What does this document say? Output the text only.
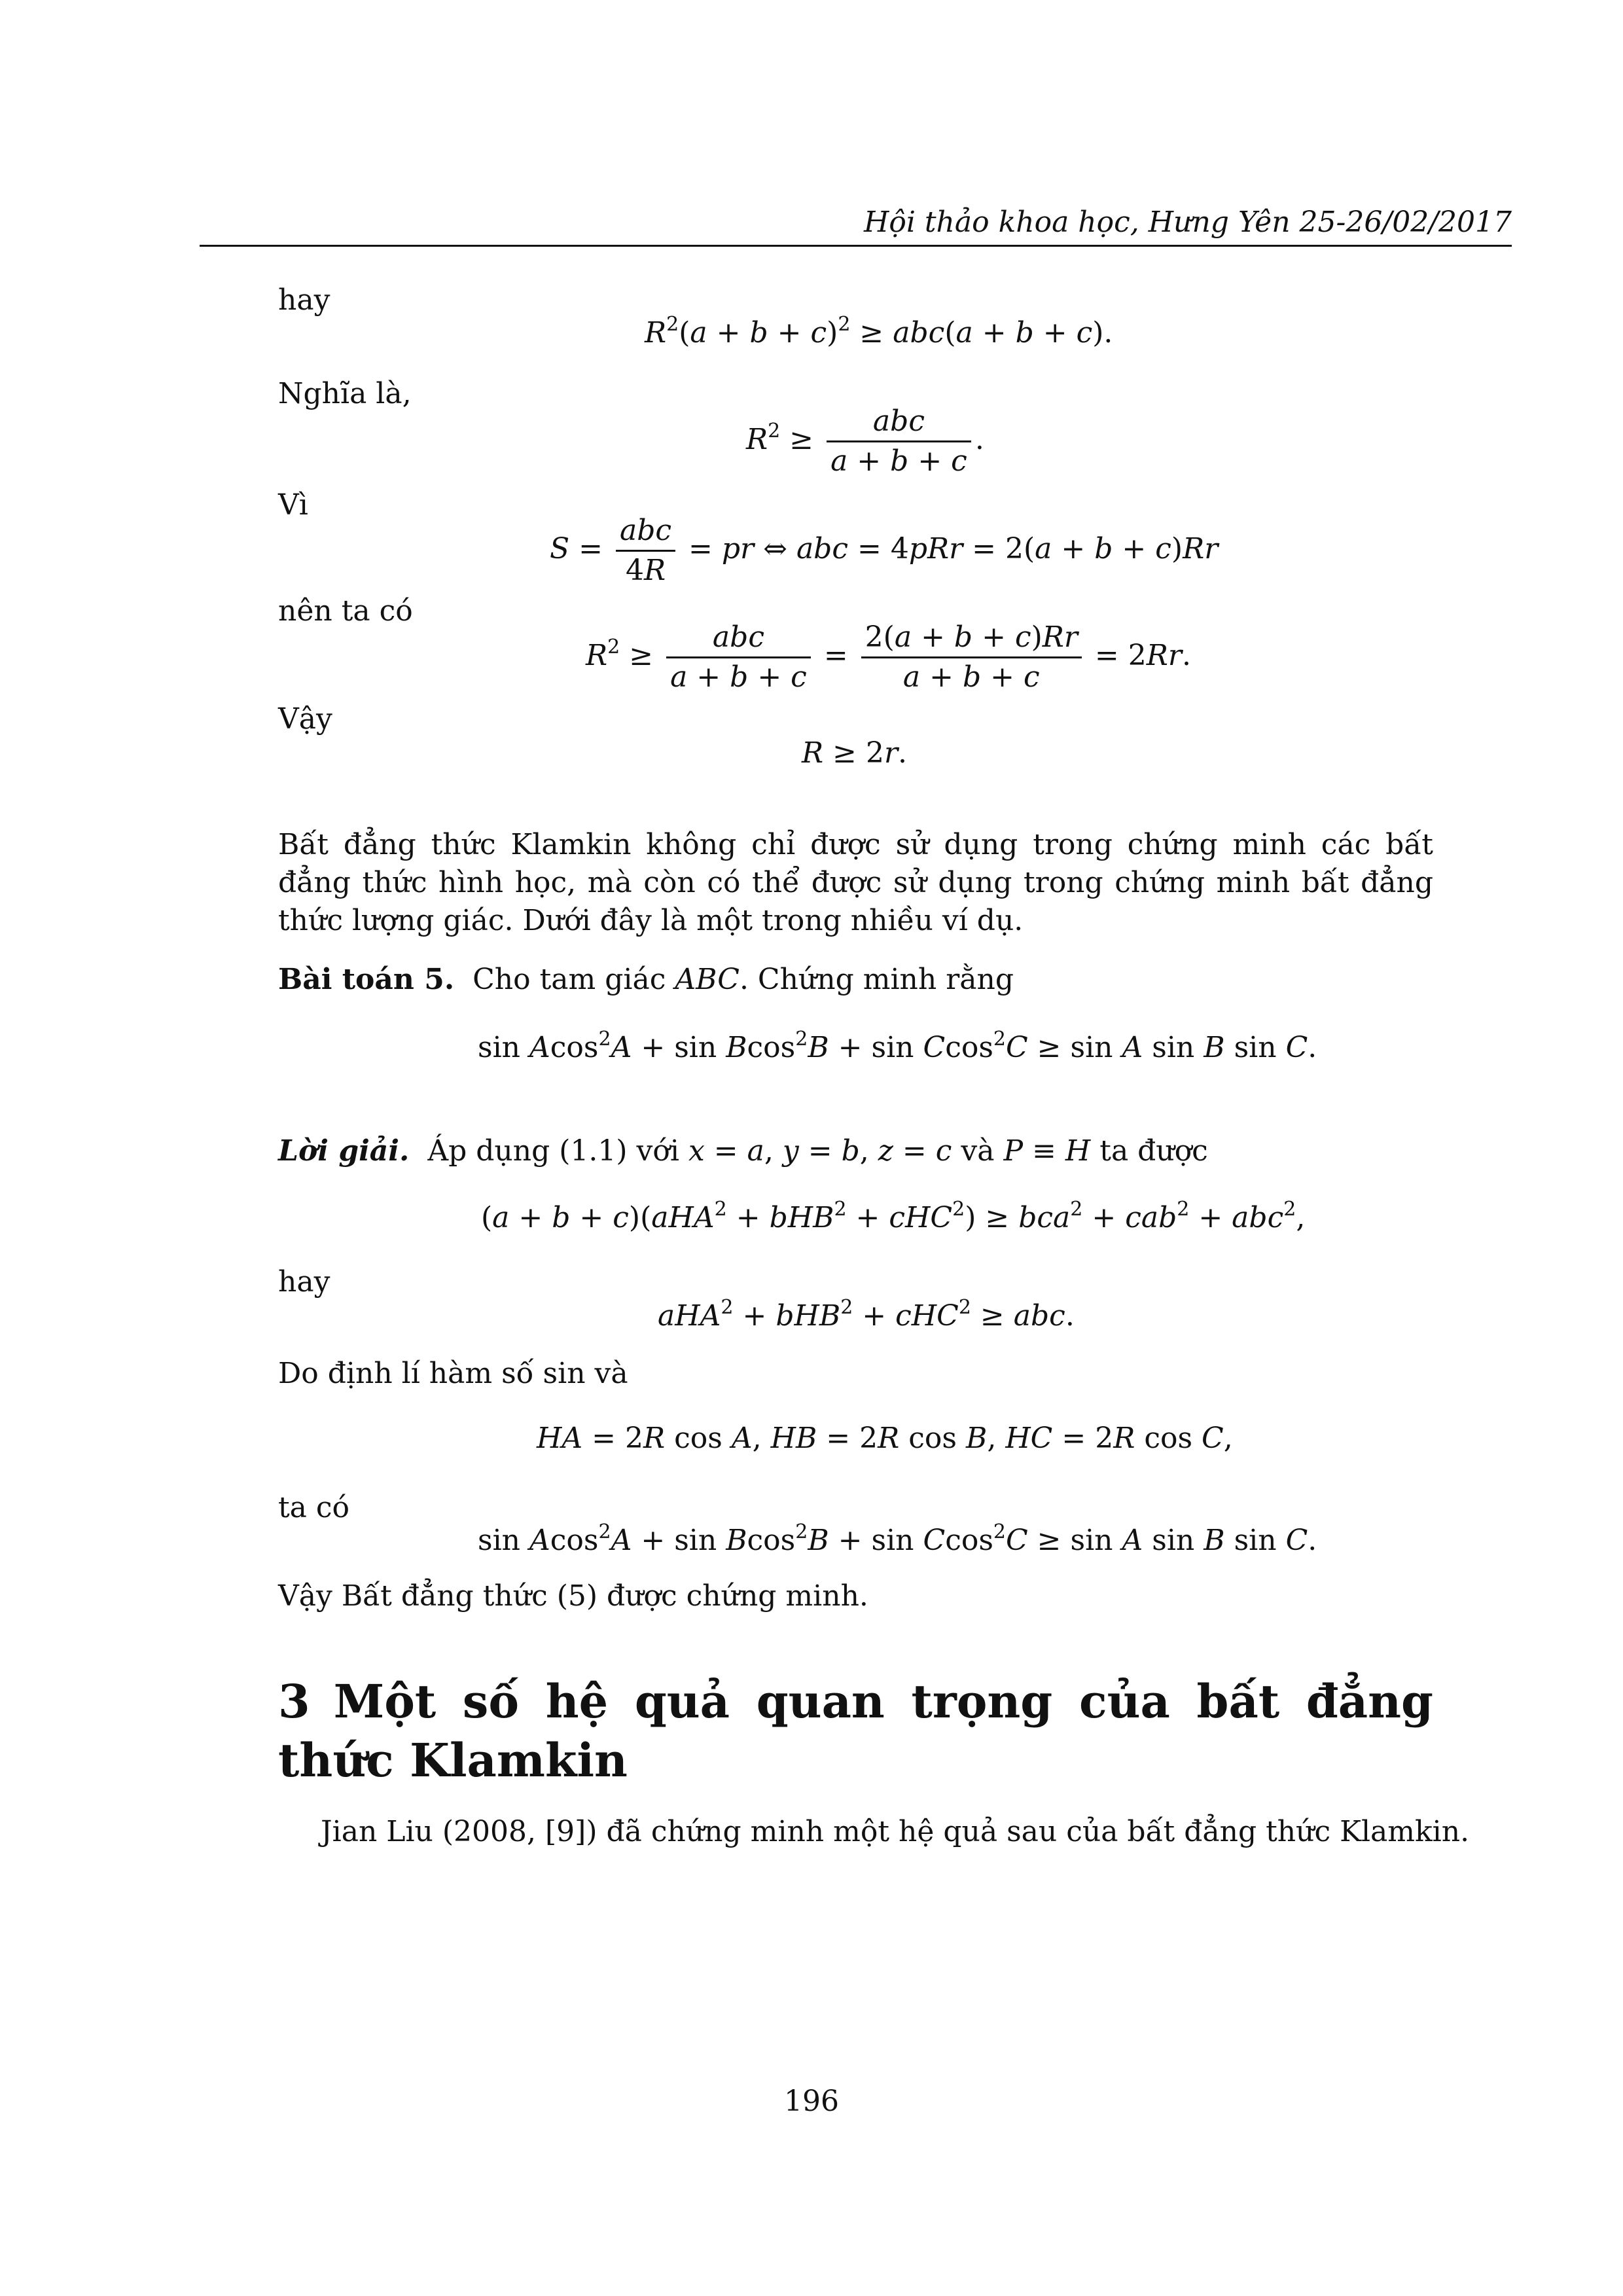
Hội thảo khoa học, Hưng Yên 25-26/02/2017
hay
$R^2(a + b + c)^2 \ge abc(a + b + c)$.
Nghĩa là,
$R^2 \ge \frac{\text{abc}}{a + b + c}$ .
Vì
$S = \frac{\text{abc}}{4R}$ = pr ⇔ abc = 4pRr = 2(a + b + c)Rr
nên ta có
$R^2 \ge \frac{\text{abc}}{a + b + c} = \frac{2(a + b + c)Rr}{a + b + c} = 2Rr$.
Vậy
R ≥ 2r.
Bất đẳng thức Klamkin không chỉ được sử dụng trong chứng minh các bất đẳng thức hình học, mà còn có thể được sử dụng trong chứng minh bất đẳng thức lượng giác. Dưới đây là một trong nhiều ví dụ.
Bài toán 5. Cho tam giác ABC. Chứng minh rằng
sin Acos$^2$A + sin Bcos$^2$B + sin Ccos$^2$C ≥ sin A sin B sin C.
Lời giải. Áp dụng (1.1) với x = a, y = b, z = c và P ≡ H ta được
(a + b + c)(aHA$^2$ + bHB$^2$ + cHC$^2$) ≥ bca$^2$ + cab$^2$ + abc$^2$,
hay
aHA$^2$ + bHB$^2$ + cHC$^2$ ≥ abc.
Do định lí hàm số sin và
HA = 2R cos A, HB = 2R cos B, HC = 2R cos C,
ta có
sin Acos$^2$A + sin Bcos$^2$B + sin Ccos$^2$C ≥ sin A sin B sin C.
Vậy Bất đẳng thức (5) được chứng minh.
3 Một số hệ quả quan trọng của bất đẳng thức Klamkin
Jian Liu (2008, [9]) đã chứng minh một hệ quả sau của bất đẳng thức Klamkin.
196
